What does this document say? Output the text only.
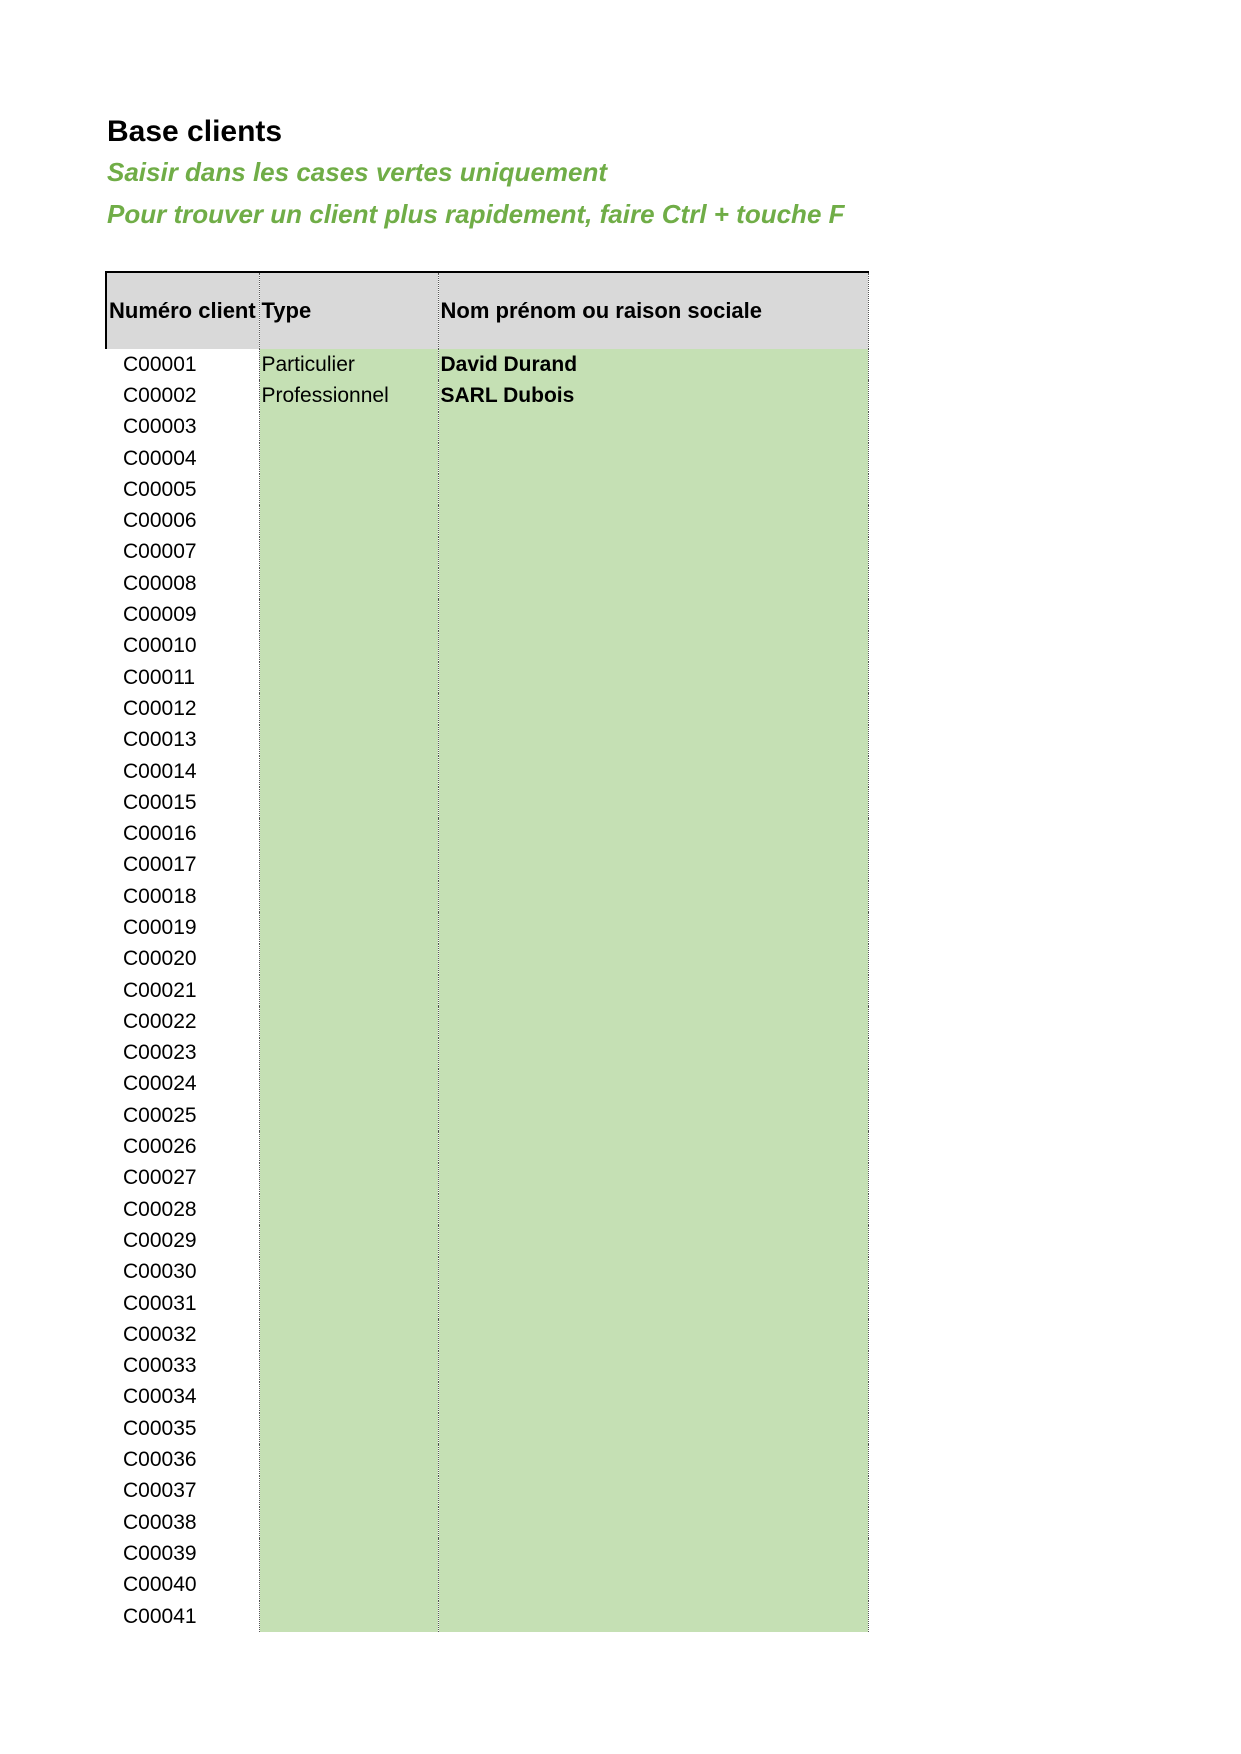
Base clients
Saisir dans les cases vertes uniquement
Pour trouver un client plus rapidement, faire Ctrl + touche F
Numéro client	Type	Nom prénom ou raison sociale
C00001	Particulier	David Durand
C00002	Professionnel	SARL Dubois
C00003		
C00004		
C00005		
C00006		
C00007		
C00008		
C00009		
C00010		
C00011		
C00012		
C00013		
C00014		
C00015		
C00016		
C00017		
C00018		
C00019		
C00020		
C00021		
C00022		
C00023		
C00024		
C00025		
C00026		
C00027		
C00028		
C00029		
C00030		
C00031		
C00032		
C00033		
C00034		
C00035		
C00036		
C00037		
C00038		
C00039		
C00040		
C00041		
